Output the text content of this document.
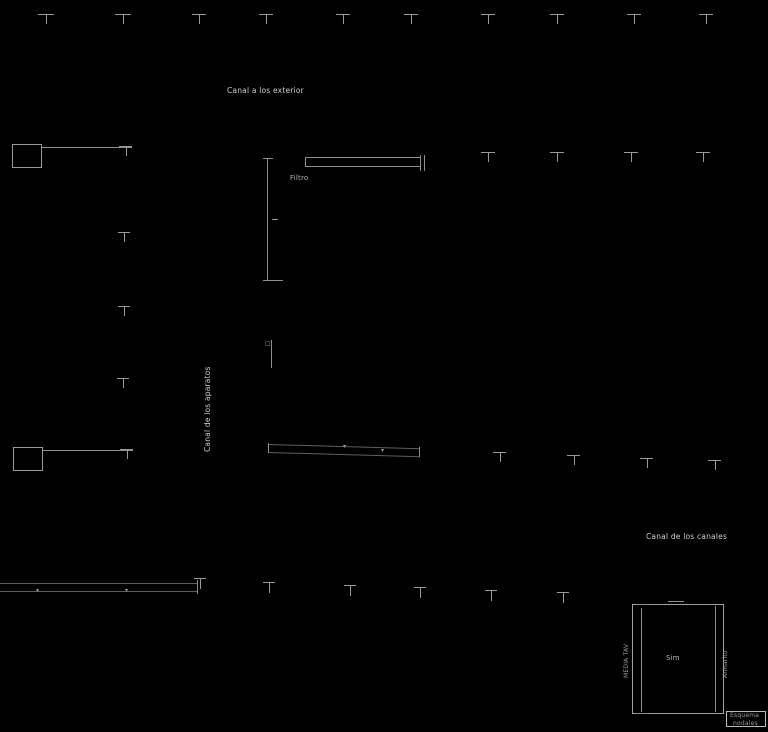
Canal a los exterior
Canal de los aparatos
Filtro
□
▾
▾
Canal de los canales
▾	▾
MEDIA TAV	Sim	Armarito
Esquema
nodales
